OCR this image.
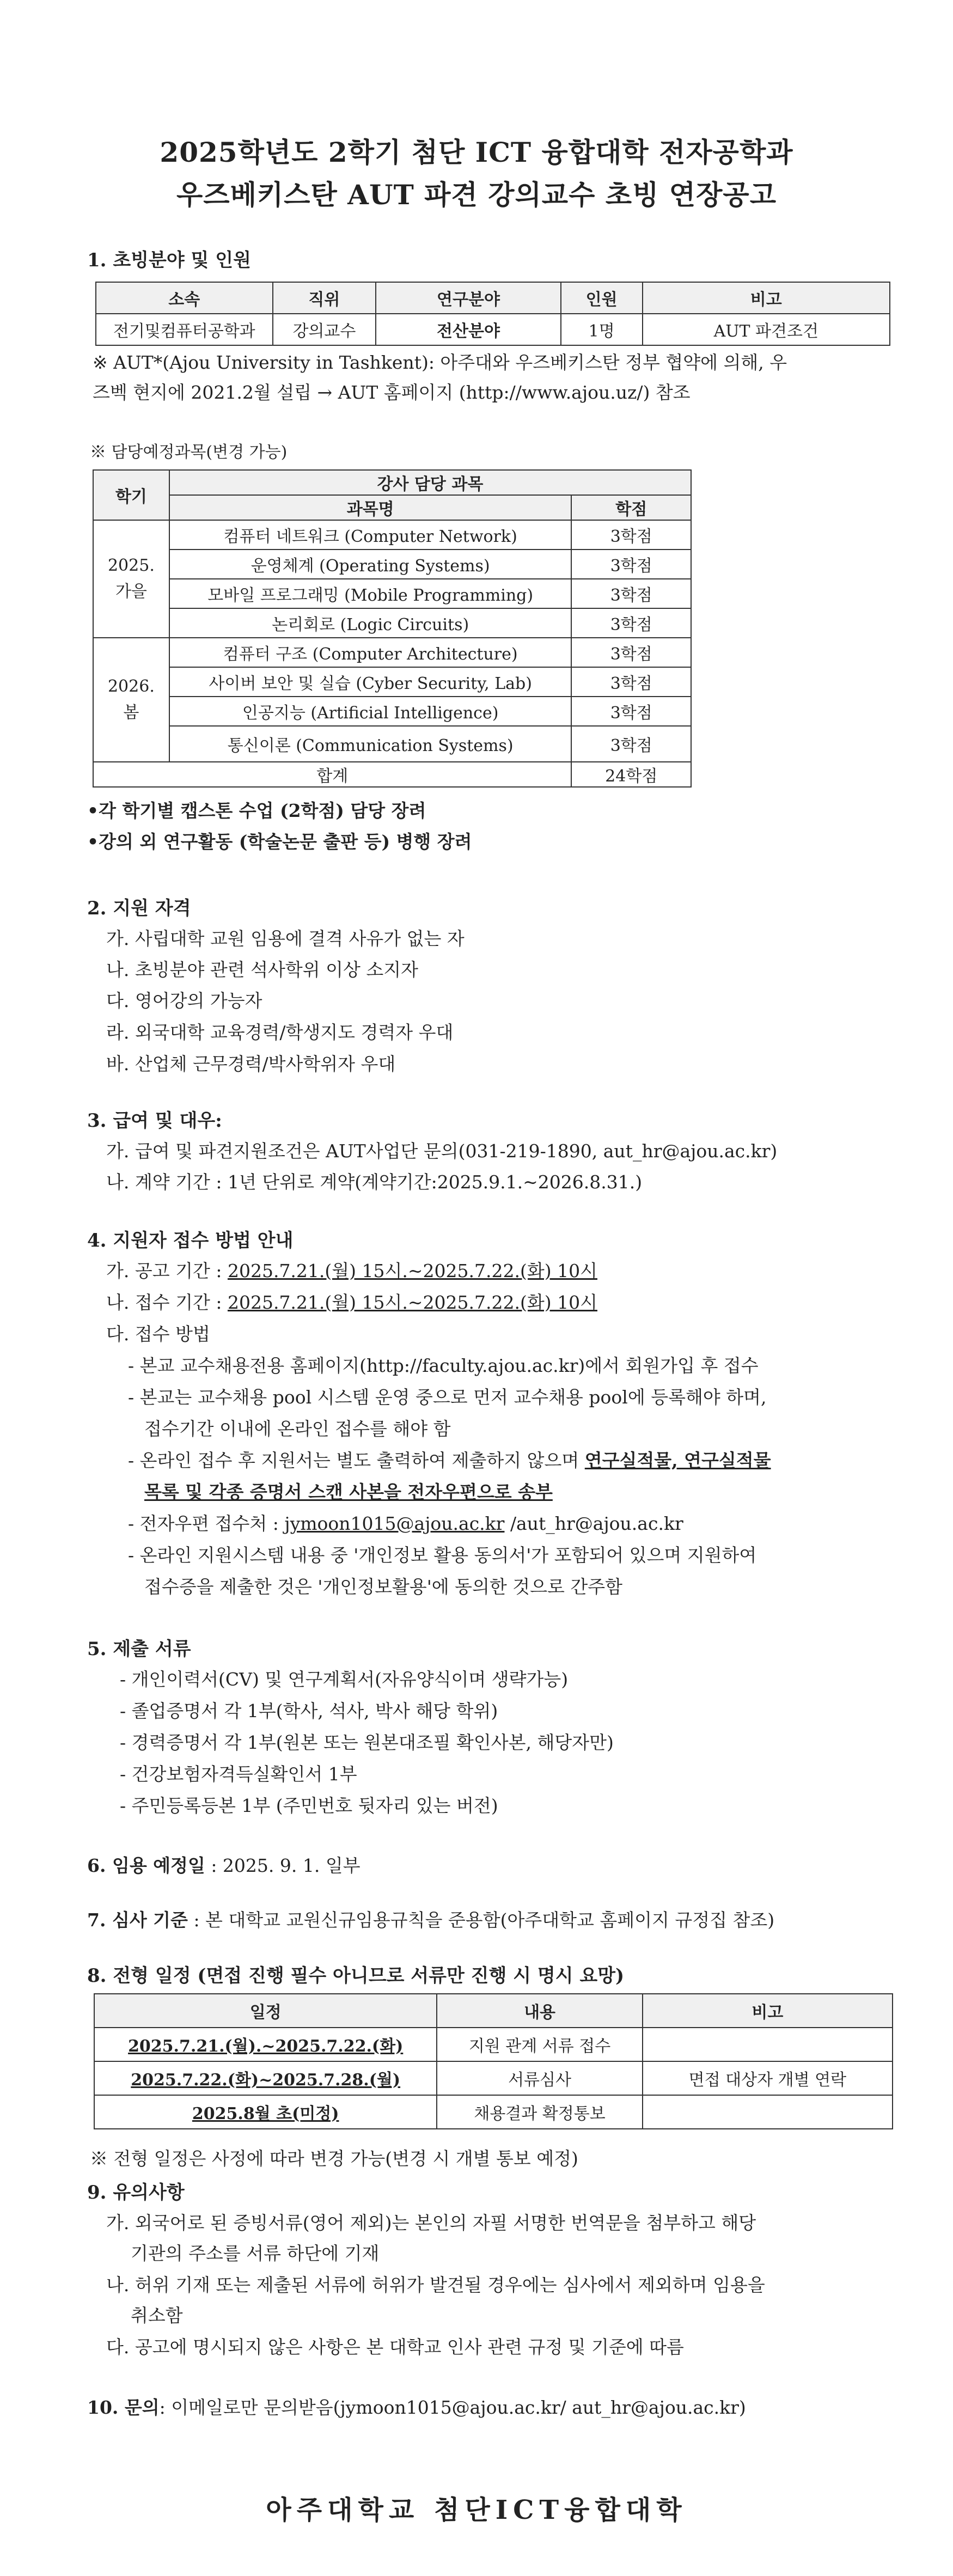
2025학년도 2학기 첨단 ICT 융합대학 전자공학과
우즈베키스탄 AUT 파견 강의교수 초빙 연장공고
1. 초빙분야 및 인원
소속	직위	연구분야	인원	비고
전기및컴퓨터공학과	강의교수	전산분야	1명	AUT 파견조건
※ AUT*(Ajou University in Tashkent): 아주대와 우즈베키스탄 정부 협약에 의해, 우
즈벡 현지에 2021.2월 설립 → AUT 홈페이지 (http://www.ajou.uz/) 참조
※ 담당예정과목(변경 가능)
학기	강사 담당 과목	
	과목명	학점
2025.
가을	컴퓨터 네트워크 (Computer Network)	3학점
	운영체계 (Operating Systems)	3학점
	모바일 프로그래밍 (Mobile Programming)	3학점
	논리회로 (Logic Circuits)	3학점
2026.
봄	컴퓨터 구조 (Computer Architecture)	3학점
	사이버 보안 및 실습 (Cyber Security, Lab)	3학점
	인공지능 (Artificial Intelligence)	3학점
	통신이론 (Communication Systems)	3학점
합계		24학점
•각 학기별 캡스톤 수업 (2학점) 담당 장려
•강의 외 연구활동 (학술논문 출판 등) 병행 장려
2. 지원 자격
가. 사립대학 교원 임용에 결격 사유가 없는 자
나. 초빙분야 관련 석사학위 이상 소지자
다. 영어강의 가능자
라. 외국대학 교육경력/학생지도 경력자 우대
바. 산업체 근무경력/박사학위자 우대
3. 급여 및 대우:
가. 급여 및 파견지원조건은 AUT사업단 문의(031-219-1890, aut_hr@ajou.ac.kr)
나. 계약 기간 : 1년 단위로 계약(계약기간:2025.9.1.~2026.8.31.)
4. 지원자 접수 방법 안내
가. 공고 기간 : 2025.7.21.(월) 15시.~2025.7.22.(화) 10시
나. 접수 기간 : 2025.7.21.(월) 15시.~2025.7.22.(화) 10시
다. 접수 방법
- 본교 교수채용전용 홈페이지(http://faculty.ajou.ac.kr)에서 회원가입 후 접수
- 본교는 교수채용 pool 시스템 운영 중으로 먼저 교수채용 pool에 등록해야 하며,
접수기간 이내에 온라인 접수를 해야 함
- 온라인 접수 후 지원서는 별도 출력하여 제출하지 않으며 연구실적물, 연구실적물
목록 및 각종 증명서 스캔 사본을 전자우편으로 송부
- 전자우편 접수처 : jymoon1015@ajou.ac.kr /aut_hr@ajou.ac.kr
- 온라인 지원시스템 내용 중 '개인정보 활용 동의서'가 포함되어 있으며 지원하여
접수증을 제출한 것은 '개인정보활용'에 동의한 것으로 간주함
5. 제출 서류
- 개인이력서(CV) 및 연구계획서(자유양식이며 생략가능)
- 졸업증명서 각 1부(학사, 석사, 박사 해당 학위)
- 경력증명서 각 1부(원본 또는 원본대조필 확인사본, 해당자만)
- 건강보험자격득실확인서 1부
- 주민등록등본 1부 (주민번호 뒷자리 있는 버전)
6. 임용 예정일 : 2025. 9. 1. 일부
7. 심사 기준 : 본 대학교 교원신규임용규칙을 준용함(아주대학교 홈페이지 규정집 참조)
8. 전형 일정 (면접 진행 필수 아니므로 서류만 진행 시 명시 요망)
일정	내용	비고
2025.7.21.(월).~2025.7.22.(화)	지원 관계 서류 접수	
2025.7.22.(화)~2025.7.28.(월)	서류심사	면접 대상자 개별 연락
2025.8월 초(미정)	채용결과 확정통보	
※ 전형 일정은 사정에 따라 변경 가능(변경 시 개별 통보 예정)
9. 유의사항
가. 외국어로 된 증빙서류(영어 제외)는 본인의 자필 서명한 번역문을 첨부하고 해당
기관의 주소를 서류 하단에 기재
나. 허위 기재 또는 제출된 서류에 허위가 발견될 경우에는 심사에서 제외하며 임용을
취소함
다. 공고에 명시되지 않은 사항은 본 대학교 인사 관련 규정 및 기준에 따름
10. 문의: 이메일로만 문의받음(jymoon1015@ajou.ac.kr/ aut_hr@ajou.ac.kr)
아주대학교 첨단ICT융합대학
